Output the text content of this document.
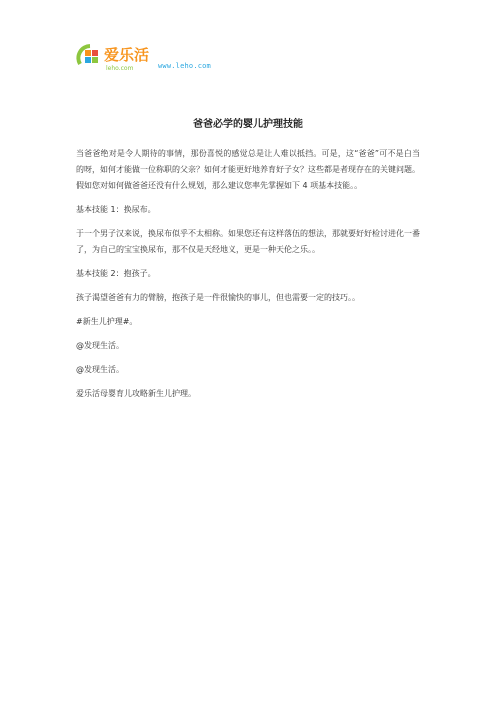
爱乐活
leho.com	www.leho.com
爸爸必学的婴儿护理技能

当爸爸绝对是令人期待的事情，那份喜悦的感觉总是让人难以抵挡。可是，这“爸爸”可不是白当的呀，如何才能做一位称职的父亲？如何才能更好地养育好子女？这些都是者现存在的关键问题。假如您对如何做爸爸还没有什么规划，那么建议您率先掌握如下 4 项基本技能。。

基本技能 1：换尿布。

于一个男子汉来说，换尿布似乎不太相称。如果您还有这样落伍的想法，那就要好好检讨进化一番了，为自己的宝宝换尿布，那不仅是天经地义，更是一种天伦之乐。。

基本技能 2：抱孩子。

孩子渴望爸爸有力的臂膀，抱孩子是一件很愉快的事儿，但也需要一定的技巧。。

#新生儿护理#。

@发现生活。

@发现生活。

爱乐活母婴育儿攻略新生儿护理。
